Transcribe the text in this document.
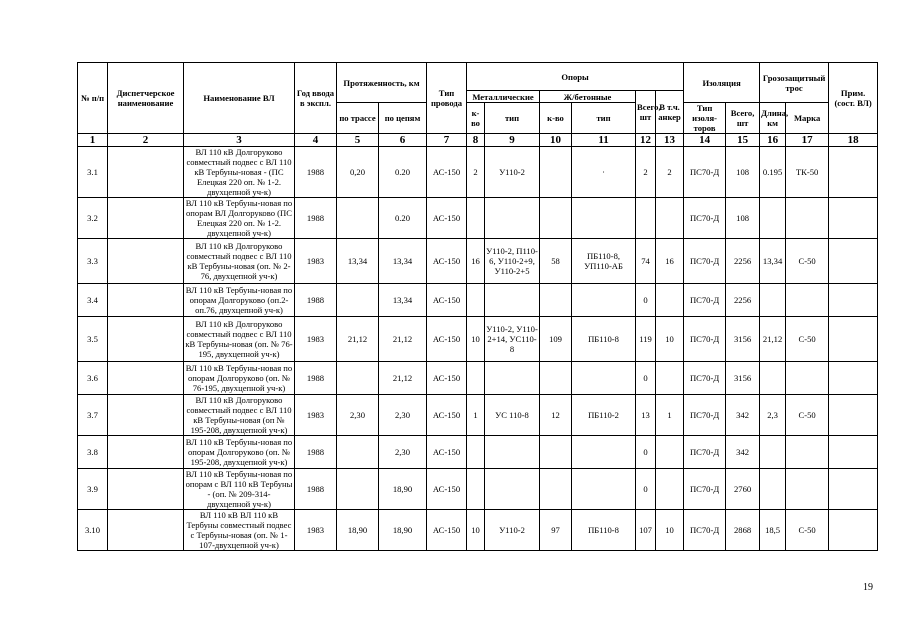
№ п/п	Диспетчерское наименование	Наименование ВЛ	Год ввода в экспл.	Протяженность, км		Тип провода	Опоры						Изоляция		Грозозащитный трос		Прим. (сост. ВЛ)
							Металлические		Ж/бетонные		Всего, шт	В т.ч. анкер					
				по трассе	по цепям		к-во	тип	к-во	тип			Тип изоля-торов	Всего, шт	Длина, км	Марка	
1	2	3	4	5	6	7	8	9	10	11	12	13	14	15	16	17	18
3.1		ВЛ 110 кВ Долгоруково совместный подвес с ВЛ 110 кВ Тербуны-новая - (ПС Елецкая 220 оп. № 1-2. двухцепной уч-к)	1988	0,20	0.20	АС-150	2	У110-2		·	2	2	ПС70-Д	108	0.195	ТК-50	
3.2		ВЛ 110 кВ Тербуны-новая по опорам ВЛ Долгоруково (ПС Елецкая 220 оп. № 1-2. двухцепной уч-к)	1988		0.20	АС-150							ПС70-Д	108			
3.3		ВЛ 110 кВ Долгоруково совместный подвес с ВЛ 110 кВ Тербуны-новая (оп. № 2-76, двухцепной уч-к)	1983	13,34	13,34	АС-150	16	У110-2, П110-6, У110-2+9, У110-2+5	58	ПБ110-8, УП110-АБ	74	16	ПС70-Д	2256	13,34	С-50	
3.4		ВЛ 110 кВ Тербуны-новая по опорам Долгоруково (оп.2- оп.76, двухцепной уч-к)	1988		13,34	АС-150					0		ПС70-Д	2256			
3.5		ВЛ 110 кВ Долгоруково совместный подвес с ВЛ 110 кВ Тербуны-новая (оп. № 76-195, двухцепной уч-к)	1983	21,12	21,12	АС-150	10	У110-2, У110-2+14, УС110-8	109	ПБ110-8	119	10	ПС70-Д	3156	21,12	С-50	
3.6		ВЛ 110 кВ Тербуны-новая по опорам Долгоруково (оп. № 76-195, двухцепной уч-к)	1988		21,12	АС-150					0		ПС70-Д	3156			
3.7		ВЛ 110 кВ Долгоруково совместный подвес с ВЛ 110 кВ Тербуны-новая (оп № 195-208, двухцепной уч-к)	1983	2,30	2,30	АС-150	1	УС 110-8	12	ПБ110-2	13	1	ПС70-Д	342	2,3	С-50	
3.8		ВЛ 110 кВ Тербуны-новая по опорам Долгоруково (оп. № 195-208, двухцепной уч-к)	1988		2,30	АС-150					0		ПС70-Д	342			
3.9		ВЛ 110 кВ Тербуны-новая по опорам с ВЛ 110 кВ Тербуны - (оп. № 209-314- двухцепной уч-к)	1988		18,90	АС-150					0		ПС70-Д	2760			
3.10		ВЛ 110 кВ ВЛ 110 кВ Тербуны совместный подвес с Тербуны-новая (оп. № 1-107-двухцепной уч-к)	1983	18,90	18,90	АС-150	10	У110-2	97	ПБ110-8	107	10	ПС70-Д	2868	18,5	С-50	
19
